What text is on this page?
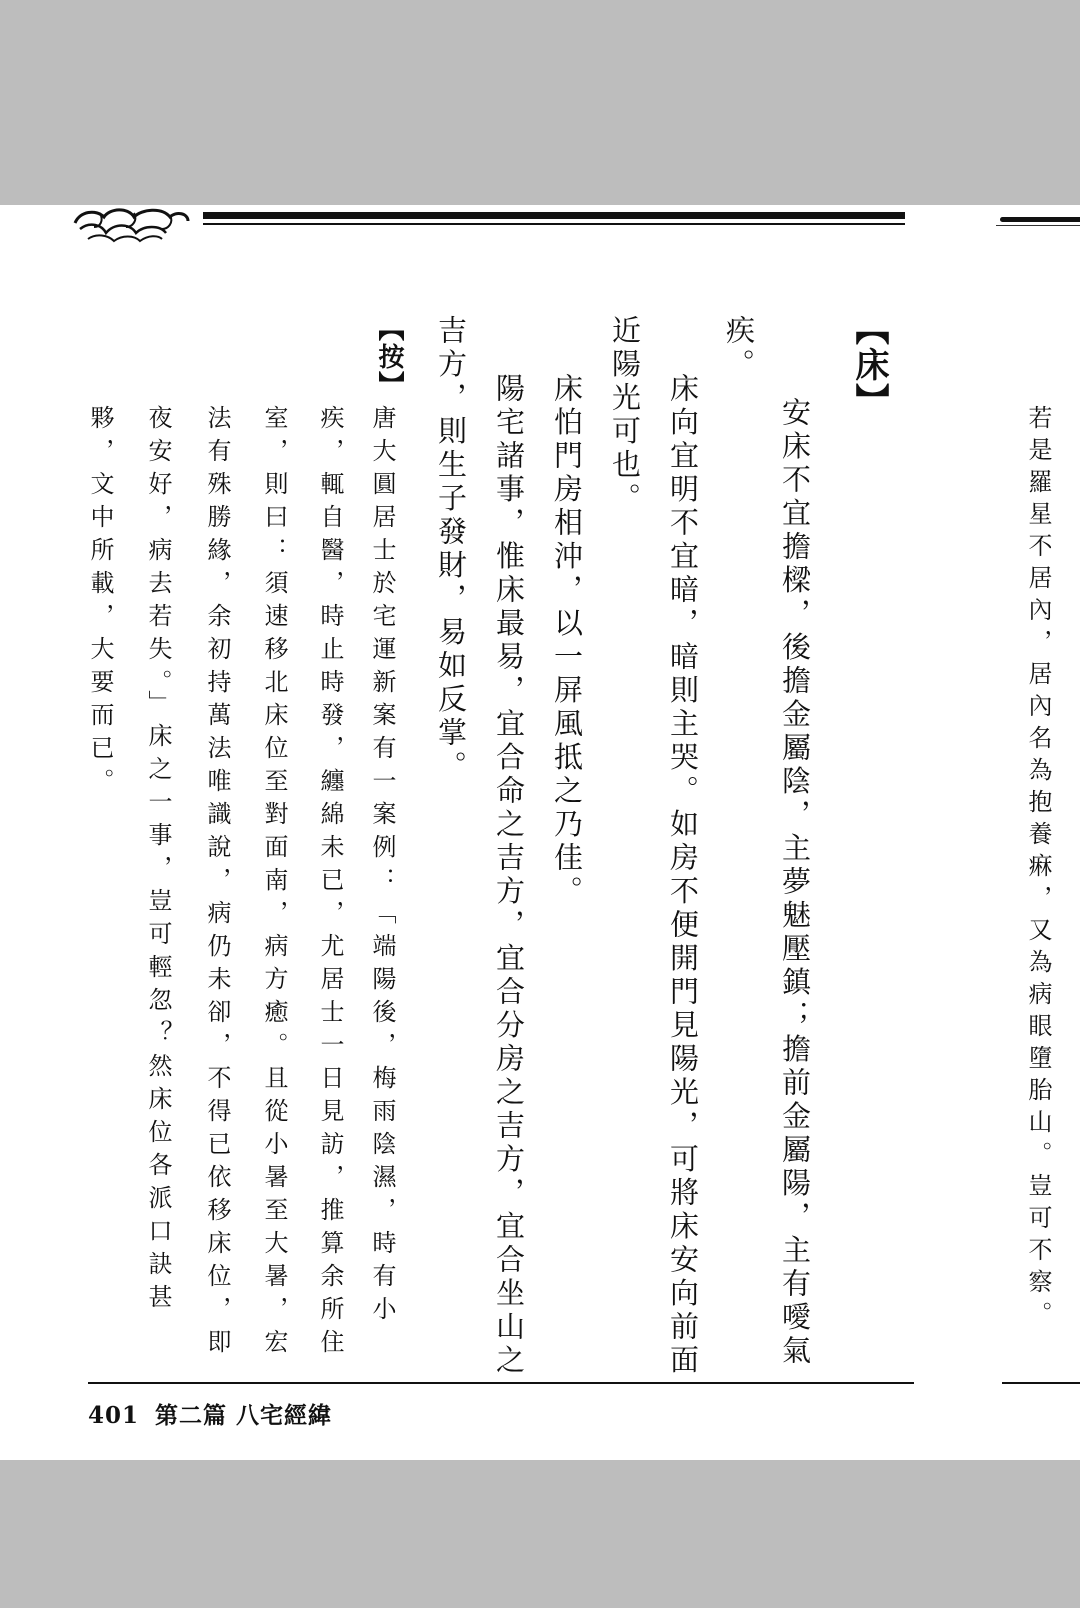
【床】
安床不宜擔樑，後擔金屬陰，主夢魅壓鎮；擔前金屬陽，主有噯氣
疾。
床向宜明不宜暗，暗則主哭。如房不便開門見陽光，可將床安向前面
近陽光可也。
床怕門房相沖，以一屏風抵之乃佳。
陽宅諸事，惟床最易，宜合命之吉方，宜合分房之吉方，宜合坐山之
吉方，則生子發財，易如反掌。
【按】
唐大圓居士於宅運新案有一案例：「端陽後，梅雨陰濕，時有小
疾，輒自醫，時止時發，纏綿未已，尤居士一日見訪，推算余所住
室，則曰：須速移北床位至對面南，病方癒。且從小暑至大暑，宏
法有殊勝緣，余初持萬法唯識說，病仍未卻，不得已依移床位，即
夜安好，病去若失。」床之一事，豈可輕忽？然床位各派口訣甚
夥，文中所載，大要而已。	若是羅星不居內，居內名為抱養痳，又為病眼墮胎山。豈可不察。
401 第二篇 八宅經緯
